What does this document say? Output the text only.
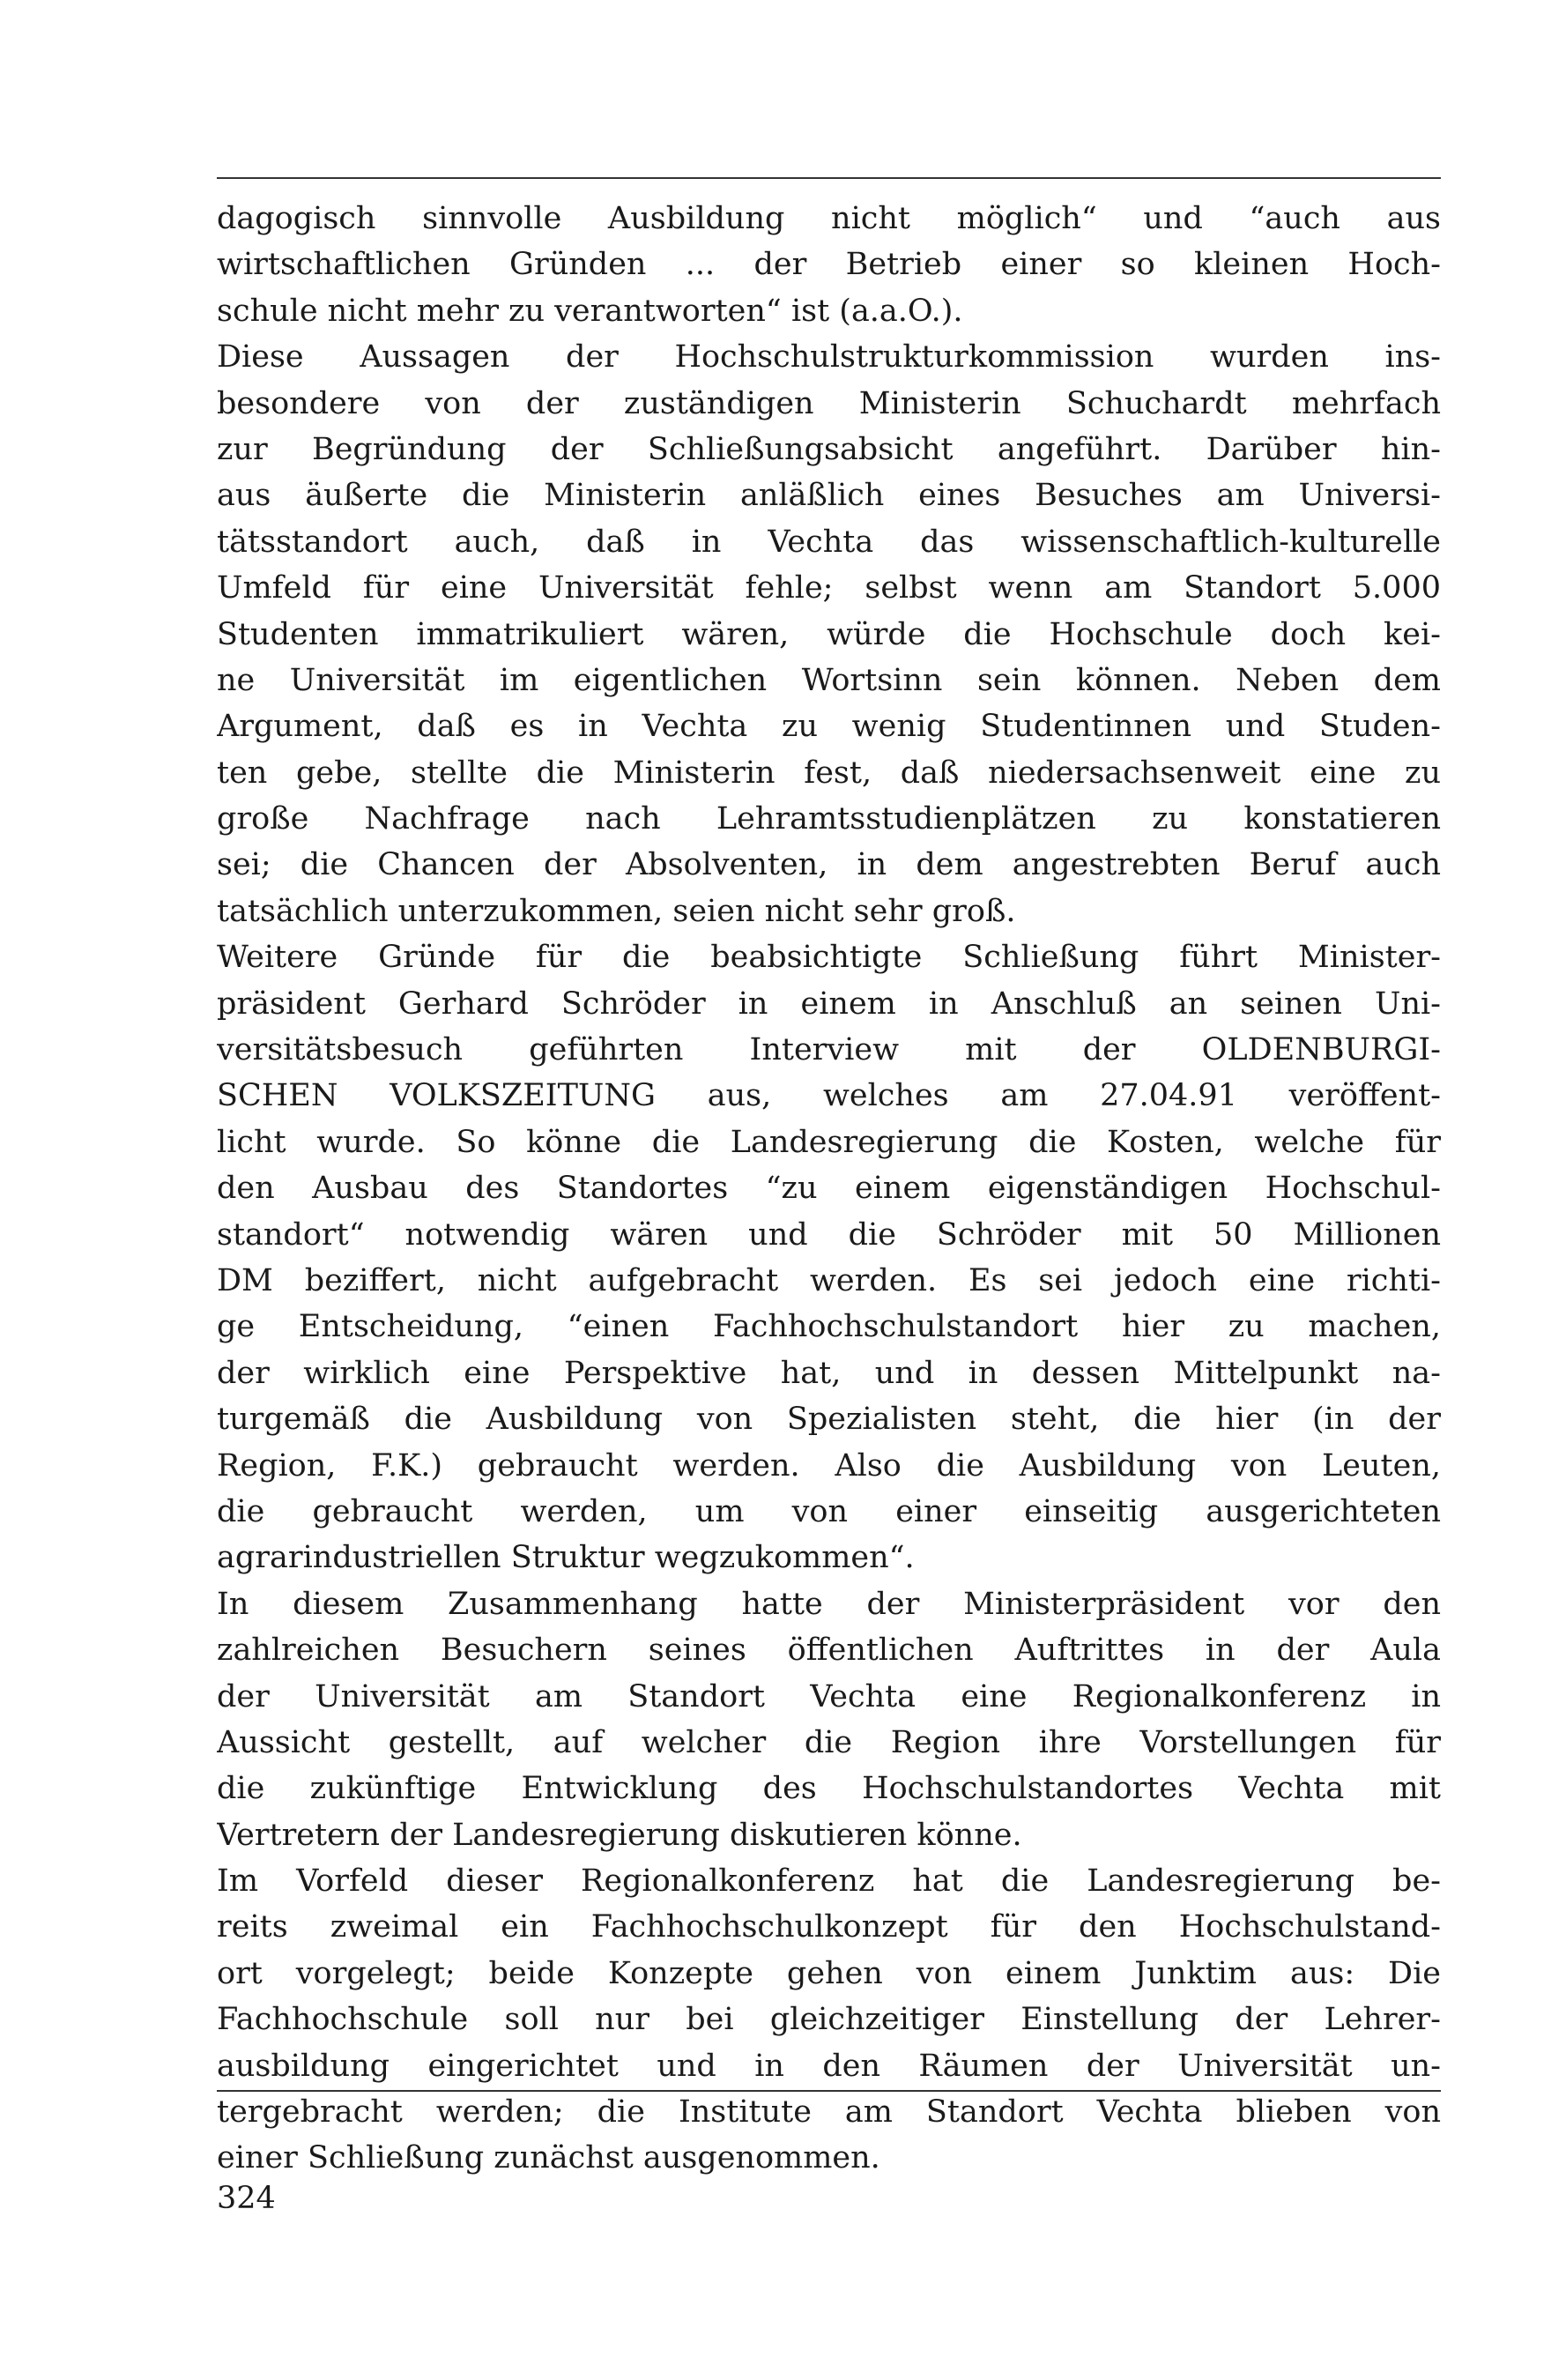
dagogisch sinnvolle Ausbildung nicht möglich“ und “auch aus
wirtschaftlichen Gründen ... der Betrieb einer so kleinen Hoch-
schule nicht mehr zu verantworten“ ist (a.a.O.).
Diese Aussagen der Hochschulstrukturkommission wurden ins-
besondere von der zuständigen Ministerin Schuchardt mehrfach
zur Begründung der Schließungsabsicht angeführt. Darüber hin-
aus äußerte die Ministerin anläßlich eines Besuches am Universi-
tätsstandort auch, daß in Vechta das wissenschaftlich-kulturelle
Umfeld für eine Universität fehle; selbst wenn am Standort 5.000
Studenten immatrikuliert wären, würde die Hochschule doch kei-
ne Universität im eigentlichen Wortsinn sein können. Neben dem
Argument, daß es in Vechta zu wenig Studentinnen und Studen-
ten gebe, stellte die Ministerin fest, daß niedersachsenweit eine zu
große Nachfrage nach Lehramtsstudienplätzen zu konstatieren
sei; die Chancen der Absolventen, in dem angestrebten Beruf auch
tatsächlich unterzukommen, seien nicht sehr groß.
Weitere Gründe für die beabsichtigte Schließung führt Minister-
präsident Gerhard Schröder in einem in Anschluß an seinen Uni-
versitätsbesuch geführten Interview mit der OLDENBURGI-
SCHEN VOLKSZEITUNG aus, welches am 27.04.91 veröffent-
licht wurde. So könne die Landesregierung die Kosten, welche für
den Ausbau des Standortes “zu einem eigenständigen Hochschul-
standort“ notwendig wären und die Schröder mit 50 Millionen
DM beziffert, nicht aufgebracht werden. Es sei jedoch eine richti-
ge Entscheidung, “einen Fachhochschulstandort hier zu machen,
der wirklich eine Perspektive hat, und in dessen Mittelpunkt na-
turgemäß die Ausbildung von Spezialisten steht, die hier (in der
Region, F.K.) gebraucht werden. Also die Ausbildung von Leuten,
die gebraucht werden, um von einer einseitig ausgerichteten
agrarindustriellen Struktur wegzukommen“.
In diesem Zusammenhang hatte der Ministerpräsident vor den
zahlreichen Besuchern seines öffentlichen Auftrittes in der Aula
der Universität am Standort Vechta eine Regionalkonferenz in
Aussicht gestellt, auf welcher die Region ihre Vorstellungen für
die zukünftige Entwicklung des Hochschulstandortes Vechta mit
Vertretern der Landesregierung diskutieren könne.
Im Vorfeld dieser Regionalkonferenz hat die Landesregierung be-
reits zweimal ein Fachhochschulkonzept für den Hochschulstand-
ort vorgelegt; beide Konzepte gehen von einem Junktim aus: Die
Fachhochschule soll nur bei gleichzeitiger Einstellung der Lehrer-
ausbildung eingerichtet und in den Räumen der Universität un-
tergebracht werden; die Institute am Standort Vechta blieben von
einer Schließung zunächst ausgenommen.
324
